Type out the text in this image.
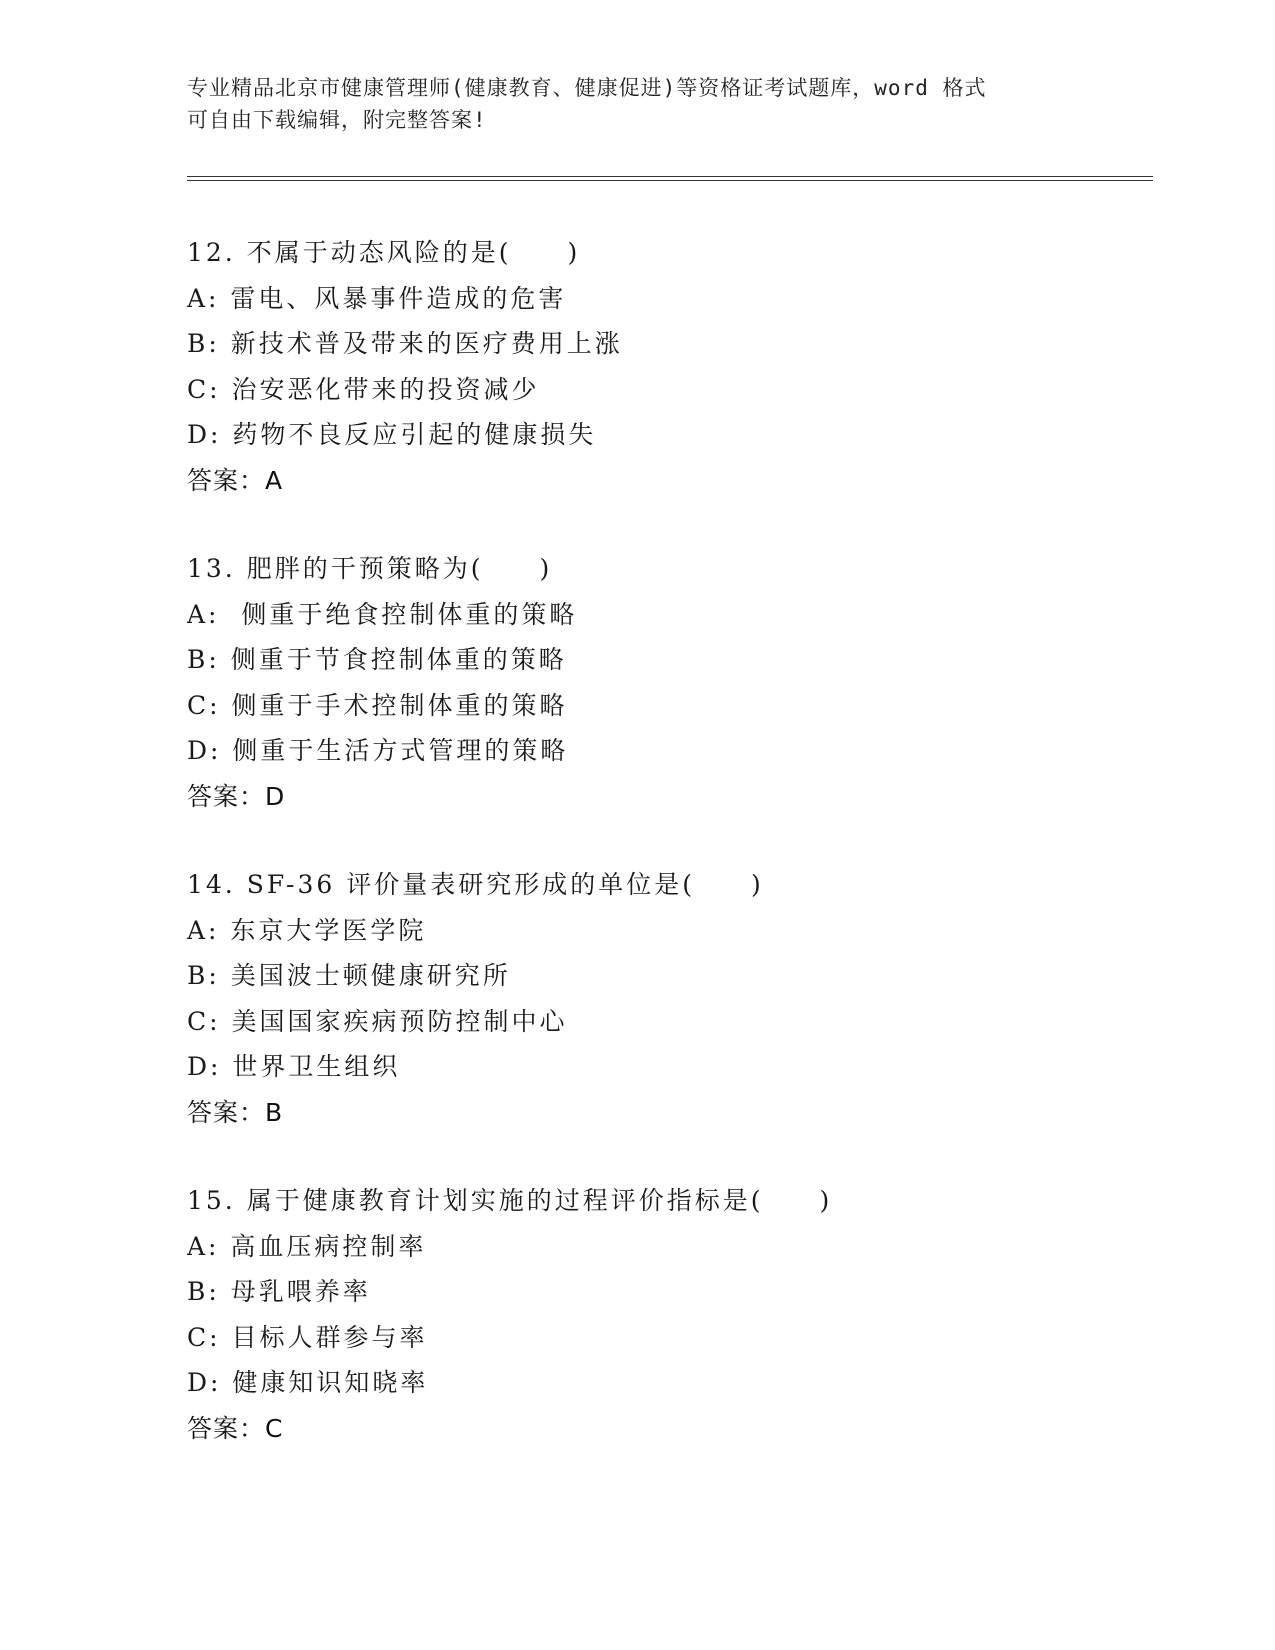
专业精品北京市健康管理师(健康教育、健康促进)等资格证考试题库，word 格式
可自由下载编辑，附完整答案!
12. 不属于动态风险的是(　　)
A: 雷电、风暴事件造成的危害
B: 新技术普及带来的医疗费用上涨
C: 治安恶化带来的投资减少
D: 药物不良反应引起的健康损失
答案：A
13. 肥胖的干预策略为(　　)
A:  侧重于绝食控制体重的策略
B: 侧重于节食控制体重的策略
C: 侧重于手术控制体重的策略
D: 侧重于生活方式管理的策略
答案：D
14. SF-36 评价量表研究形成的单位是(　　)
A: 东京大学医学院
B: 美国波士顿健康研究所
C: 美国国家疾病预防控制中心
D: 世界卫生组织
答案：B
15. 属于健康教育计划实施的过程评价指标是(　　)
A: 高血压病控制率
B: 母乳喂养率
C: 目标人群参与率
D: 健康知识知晓率
答案：C
